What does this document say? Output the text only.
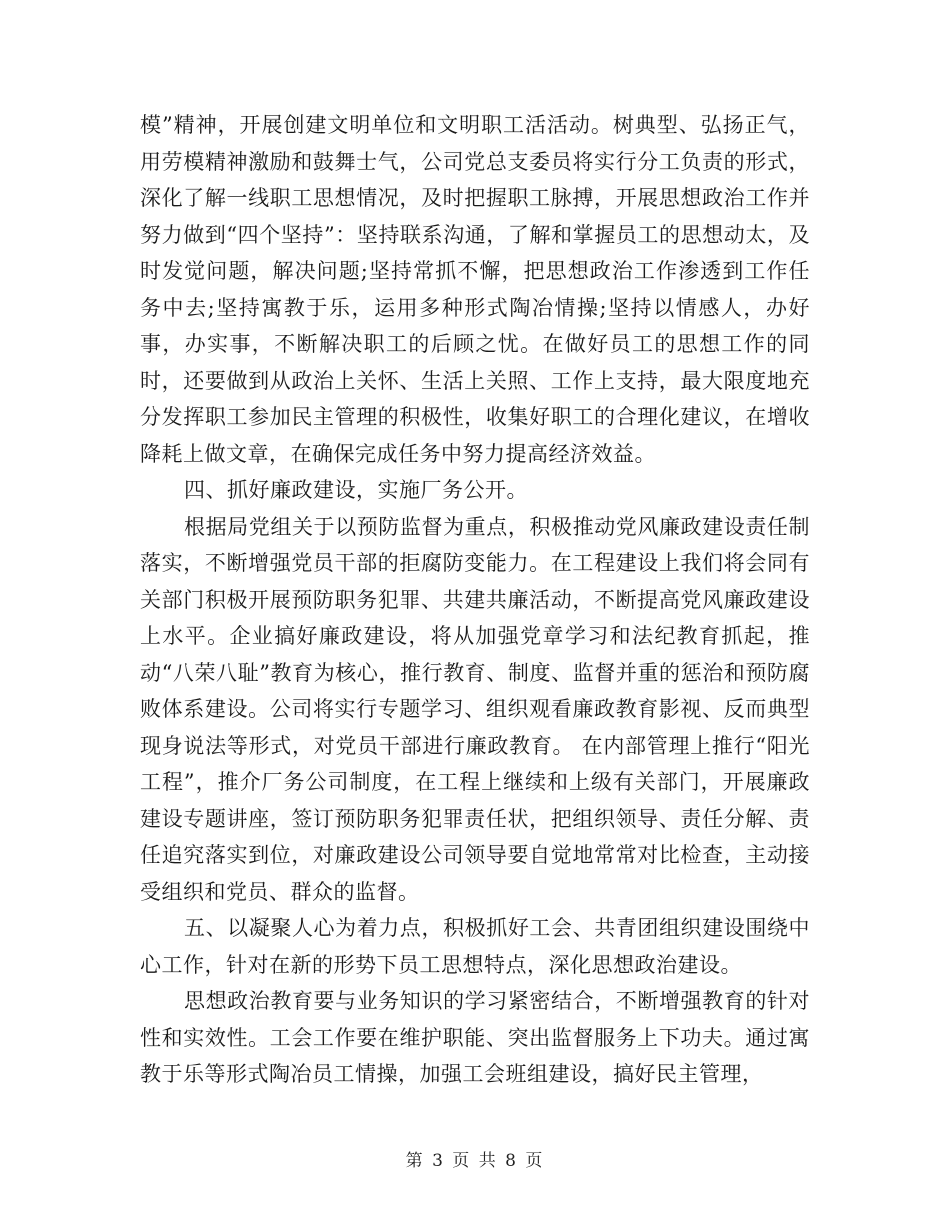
模”精神，开展创建文明单位和文明职工活活动。树典型、弘扬正气，用劳模精神激励和鼓舞士气，公司党总支委员将实行分工负责的形式，深化了解一线职工思想情况，及时把握职工脉搏，开展思想政治工作并努力做到“四个坚持”：坚持联系沟通，了解和掌握员工的思想动太，及时发觉问题，解决问题;坚持常抓不懈，把思想政治工作渗透到工作任务中去;坚持寓教于乐，运用多种形式陶冶情操;坚持以情感人，办好事，办实事，不断解决职工的后顾之忧。在做好员工的思想工作的同时，还要做到从政治上关怀、生活上关照、工作上支持，最大限度地充分发挥职工参加民主管理的积极性，收集好职工的合理化建议，在增收降耗上做文章，在确保完成任务中努力提高经济效益。

四、抓好廉政建设，实施厂务公开。

根据局党组关于以预防监督为重点，积极推动党风廉政建设责任制落实，不断增强党员干部的拒腐防变能力。在工程建设上我们将会同有关部门积极开展预防职务犯罪、共建共廉活动，不断提高党风廉政建设上水平。企业搞好廉政建设，将从加强党章学习和法纪教育抓起，推动“八荣八耻”教育为核心，推行教育、制度、监督并重的惩治和预防腐败体系建设。公司将实行专题学习、组织观看廉政教育影视、反而典型现身说法等形式，对党员干部进行廉政教育。 在内部管理上推行“阳光工程”，推介厂务公司制度，在工程上继续和上级有关部门，开展廉政建设专题讲座，签订预防职务犯罪责任状，把组织领导、责任分解、责任追究落实到位，对廉政建设公司领导要自觉地常常对比检查，主动接受组织和党员、群众的监督。

五、以凝聚人心为着力点，积极抓好工会、共青团组织建设围绕中心工作，针对在新的形势下员工思想特点，深化思想政治建设。

思想政治教育要与业务知识的学习紧密结合，不断增强教育的针对性和实效性。工会工作要在维护职能、突出监督服务上下功夫。通过寓教于乐等形式陶冶员工情操，加强工会班组建设，搞好民主管理，

第 3 页 共 8 页
